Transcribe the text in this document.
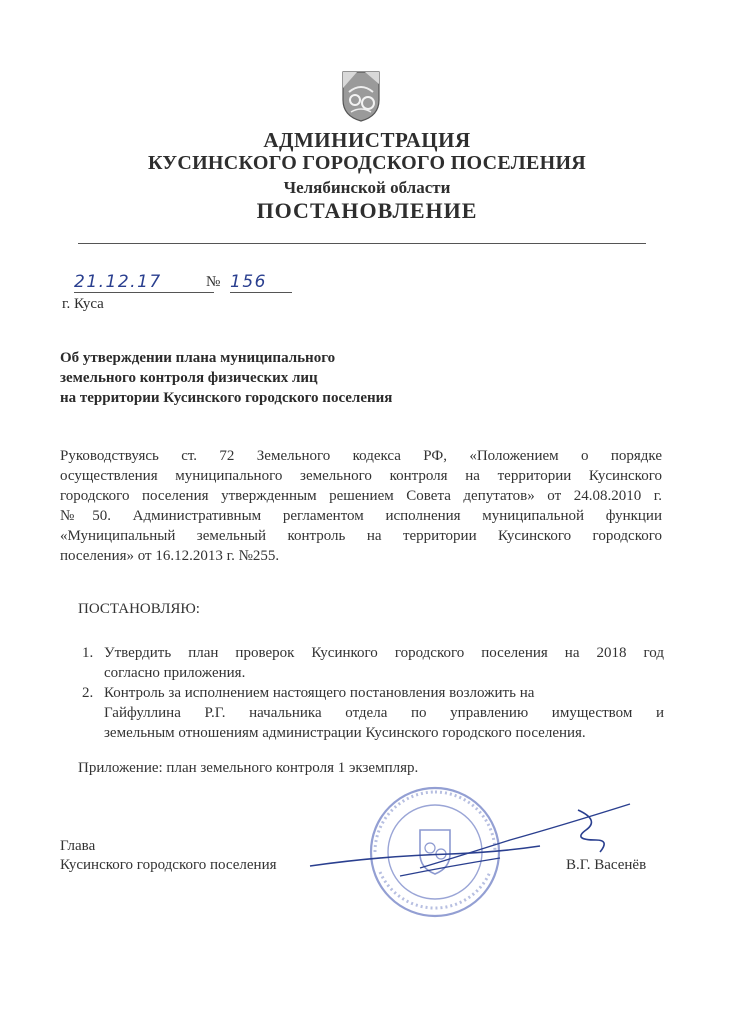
АДМИНИСТРАЦИЯ
КУСИНСКОГО ГОРОДСКОГО ПОСЕЛЕНИЯ
Челябинской области
ПОСТАНОВЛЕНИЕ
21.12.17	№ 156
г. Куса
Об утверждении плана муниципального
земельного контроля физических лиц
на территории Кусинского городского поселения
Руководствуясь ст. 72 Земельного кодекса РФ, «Положением о порядке
осуществления муниципального земельного контроля на территории Кусинского
городского поселения утвержденным решением Совета депутатов» от 24.08.2010 г.
№50. Административным регламентом исполнения муниципальной функции
«Муниципальный земельный контроль на территории Кусинского городского
поселения» от 16.12.2013 г. №255.
ПОСТАНОВЛЯЮ:
1. Утвердить план проверок Кусинкого городского поселения на 2018 год
согласно приложения.
2. Контроль за исполнением настоящего постановления возложить на
Гайфуллина Р.Г. начальника отдела по управлению имуществом и
земельным отношениям администрации Кусинского городского поселения.
Приложение: план земельного контроля 1 экземпляр.
Глава
Кусинского городского поселения	В.Г. Васенёв
